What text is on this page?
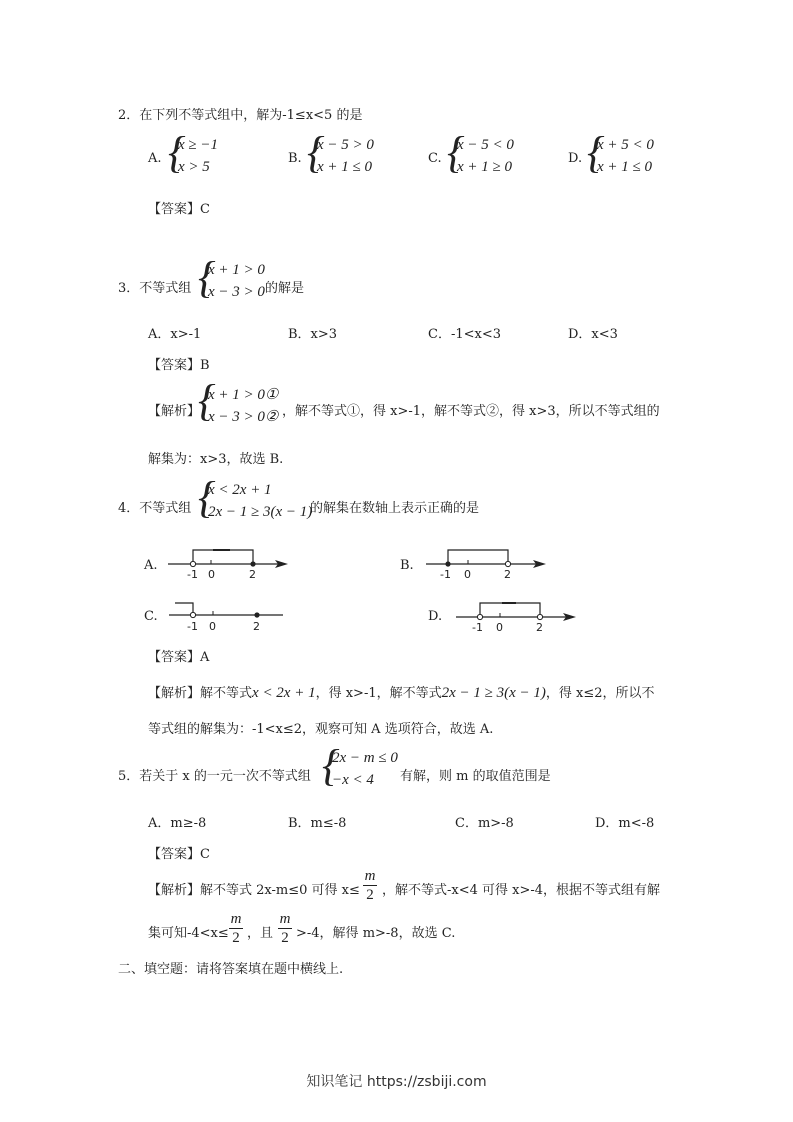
2．在下列不等式组中，解为-1≤x<5 的是
A. {
x ≥ −1
x > 5
B. {
x − 5 > 0
x + 1 ≤ 0
C. {
x − 5 < 0
x + 1 ≥ 0
D. {
x + 5 < 0
x + 1 ≤ 0
【答案】C
3．不等式组 {
x + 1 > 0
x − 3 > 0 的解是
A．x>-1	B．x>3	C．-1<x<3	D．x<3
【答案】B
【解析】
{
x + 1 > 0①
x − 3 > 0② ，解不等式①，得 x>-1，解不等式②，得 x>3，所以不等式组的
解集为：x>3，故选 B.
4．不等式组 {
x < 2x + 1
2x − 1 ≥ 3(x − 1)
的解集在数轴上表示正确的是
A.
-1 0	2
B.
-1 0	2
C.
-1 0	2
D.
-1 0	2
【答案】A
【解析】解不等式x < 2x + 1，得 x>-1，解不等式2x − 1 ≥ 3(x − 1)，得 x≤2，所以不
等式组的解集为：-1<x≤2，观察可知 A 选项符合，故选 A.
5．若关于 x 的一元一次不等式组 {
2x − m ≤ 0
−x < 4 有解，则 m 的取值范围是
A．m≥-8	B．m≤-8	C．m>-8	D．m<-8
【答案】C
【解析】 解不等式 2x-m≤0 可得 x≤
m
2 ，解不等式-x<4 可得 x>-4，根据不等式组有解
集可知-4<x≤
m
2 ，且
m
2 >-4，解得 m>-8，故选 C.
二、填空题：请将答案填在题中横线上.
知识笔记 https://zsbiji.com
